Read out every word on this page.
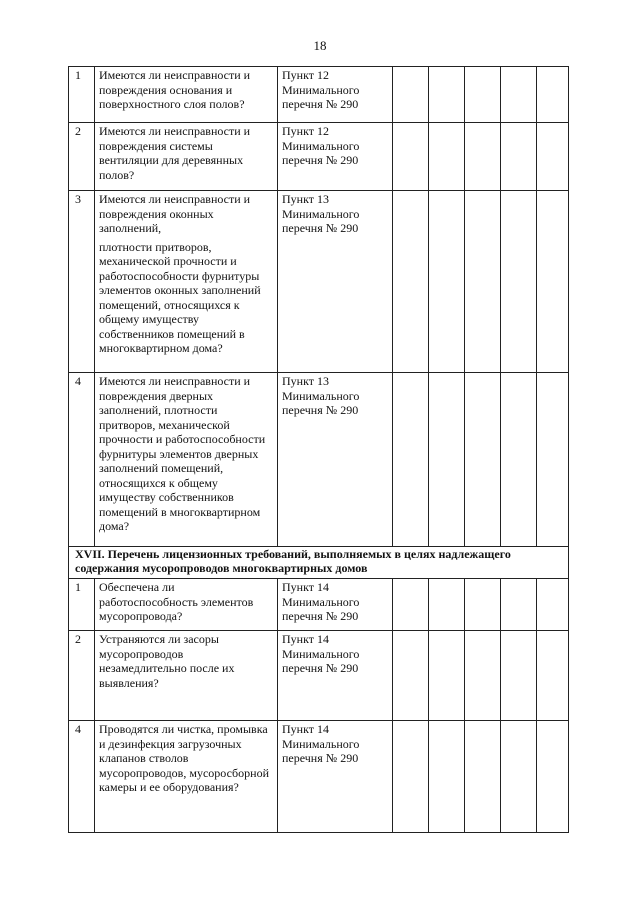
18
1	Имеются ли неисправности и повреждения основания и поверхностного слоя полов?	Пункт 12 Минимального перечня № 290					
2	Имеются ли неисправности и повреждения системы вентиляции для деревянных полов?	Пункт 12 Минимального перечня № 290					
3	Имеются ли неисправности и повреждения оконных заполнений,
плотности притворов, механической прочности и работоспособности фурнитуры элементов оконных заполнений помещений, относящихся к общему имуществу собственников помещений в многоквартирном дома?	Пункт 13 Минимального перечня № 290					
4	Имеются ли неисправности и повреждения дверных заполнений, плотности притворов, механической прочности и работоспособности фурнитуры элементов дверных заполнений помещений, относящихся к общему имуществу собственников помещений в многоквартирном дома?	Пункт 13 Минимального перечня № 290					
XVII. Перечень лицензионных требований, выполняемых в целях надлежащего содержания мусоропроводов многоквартирных домов							
1	Обеспечена ли работоспособность элементов мусоропровода?	Пункт 14 Минимального перечня № 290					
2	Устраняются ли засоры мусоропроводов незамедлительно после их выявления?	Пункт 14 Минимального перечня № 290					
4	Проводятся ли чистка, промывка и дезинфекция загрузочных клапанов стволов мусоропроводов, мусоросборной камеры и ее оборудования?	Пункт 14 Минимального перечня № 290					
